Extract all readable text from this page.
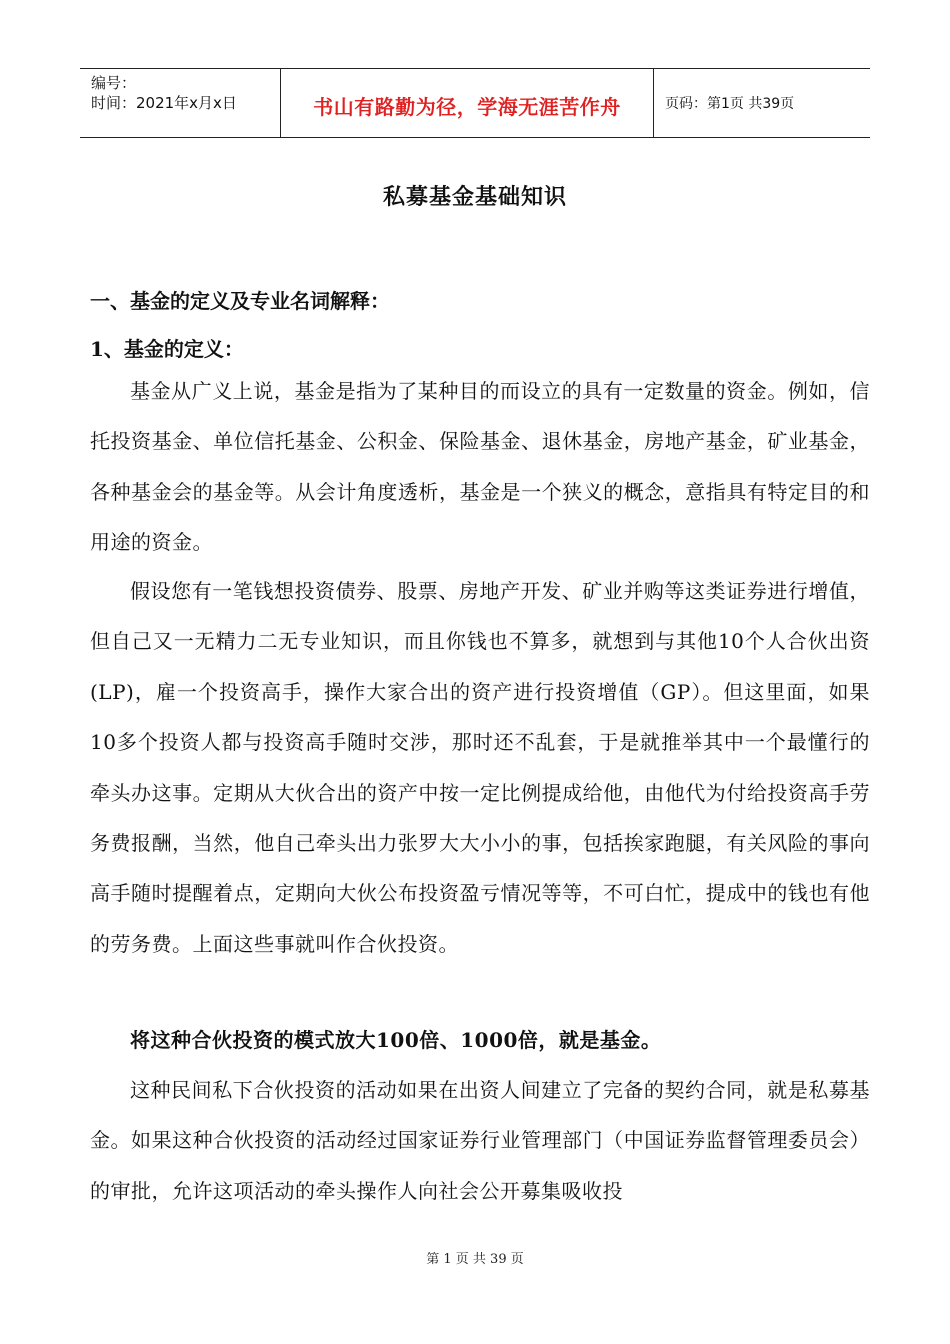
编号：
时间：2021年x月x日	书山有路勤为径，学海无涯苦作舟	页码：第1页 共39页
私募基金基础知识
一、基金的定义及专业名词解释：
1、基金的定义：
基金从广义上说，基金是指为了某种目的而设立的具有一定数量的资金。例如，信托投资基金、单位信托基金、公积金、保险基金、退休基金，房地产基金，矿业基金，各种基金会的基金等。从会计角度透析，基金是一个狭义的概念，意指具有特定目的和用途的资金。
假设您有一笔钱想投资债券、股票、房地产开发、矿业并购等这类证券进行增值，但自己又一无精力二无专业知识，而且你钱也不算多，就想到与其他10个人合伙出资(LP)，雇一个投资高手，操作大家合出的资产进行投资增值（GP）。但这里面，如果10多个投资人都与投资高手随时交涉，那时还不乱套，于是就推举其中一个最懂行的牵头办这事。定期从大伙合出的资产中按一定比例提成给他，由他代为付给投资高手劳务费报酬，当然，他自己牵头出力张罗大大小小的事，包括挨家跑腿，有关风险的事向高手随时提醒着点，定期向大伙公布投资盈亏情况等等，不可白忙，提成中的钱也有他的劳务费。上面这些事就叫作合伙投资。
将这种合伙投资的模式放大100倍、1000倍，就是基金。
这种民间私下合伙投资的活动如果在出资人间建立了完备的契约合同，就是私募基金。如果这种合伙投资的活动经过国家证券行业管理部门（中国证券监督管理委员会）的审批，允许这项活动的牵头操作人向社会公开募集吸收投
第 1 页 共 39 页
